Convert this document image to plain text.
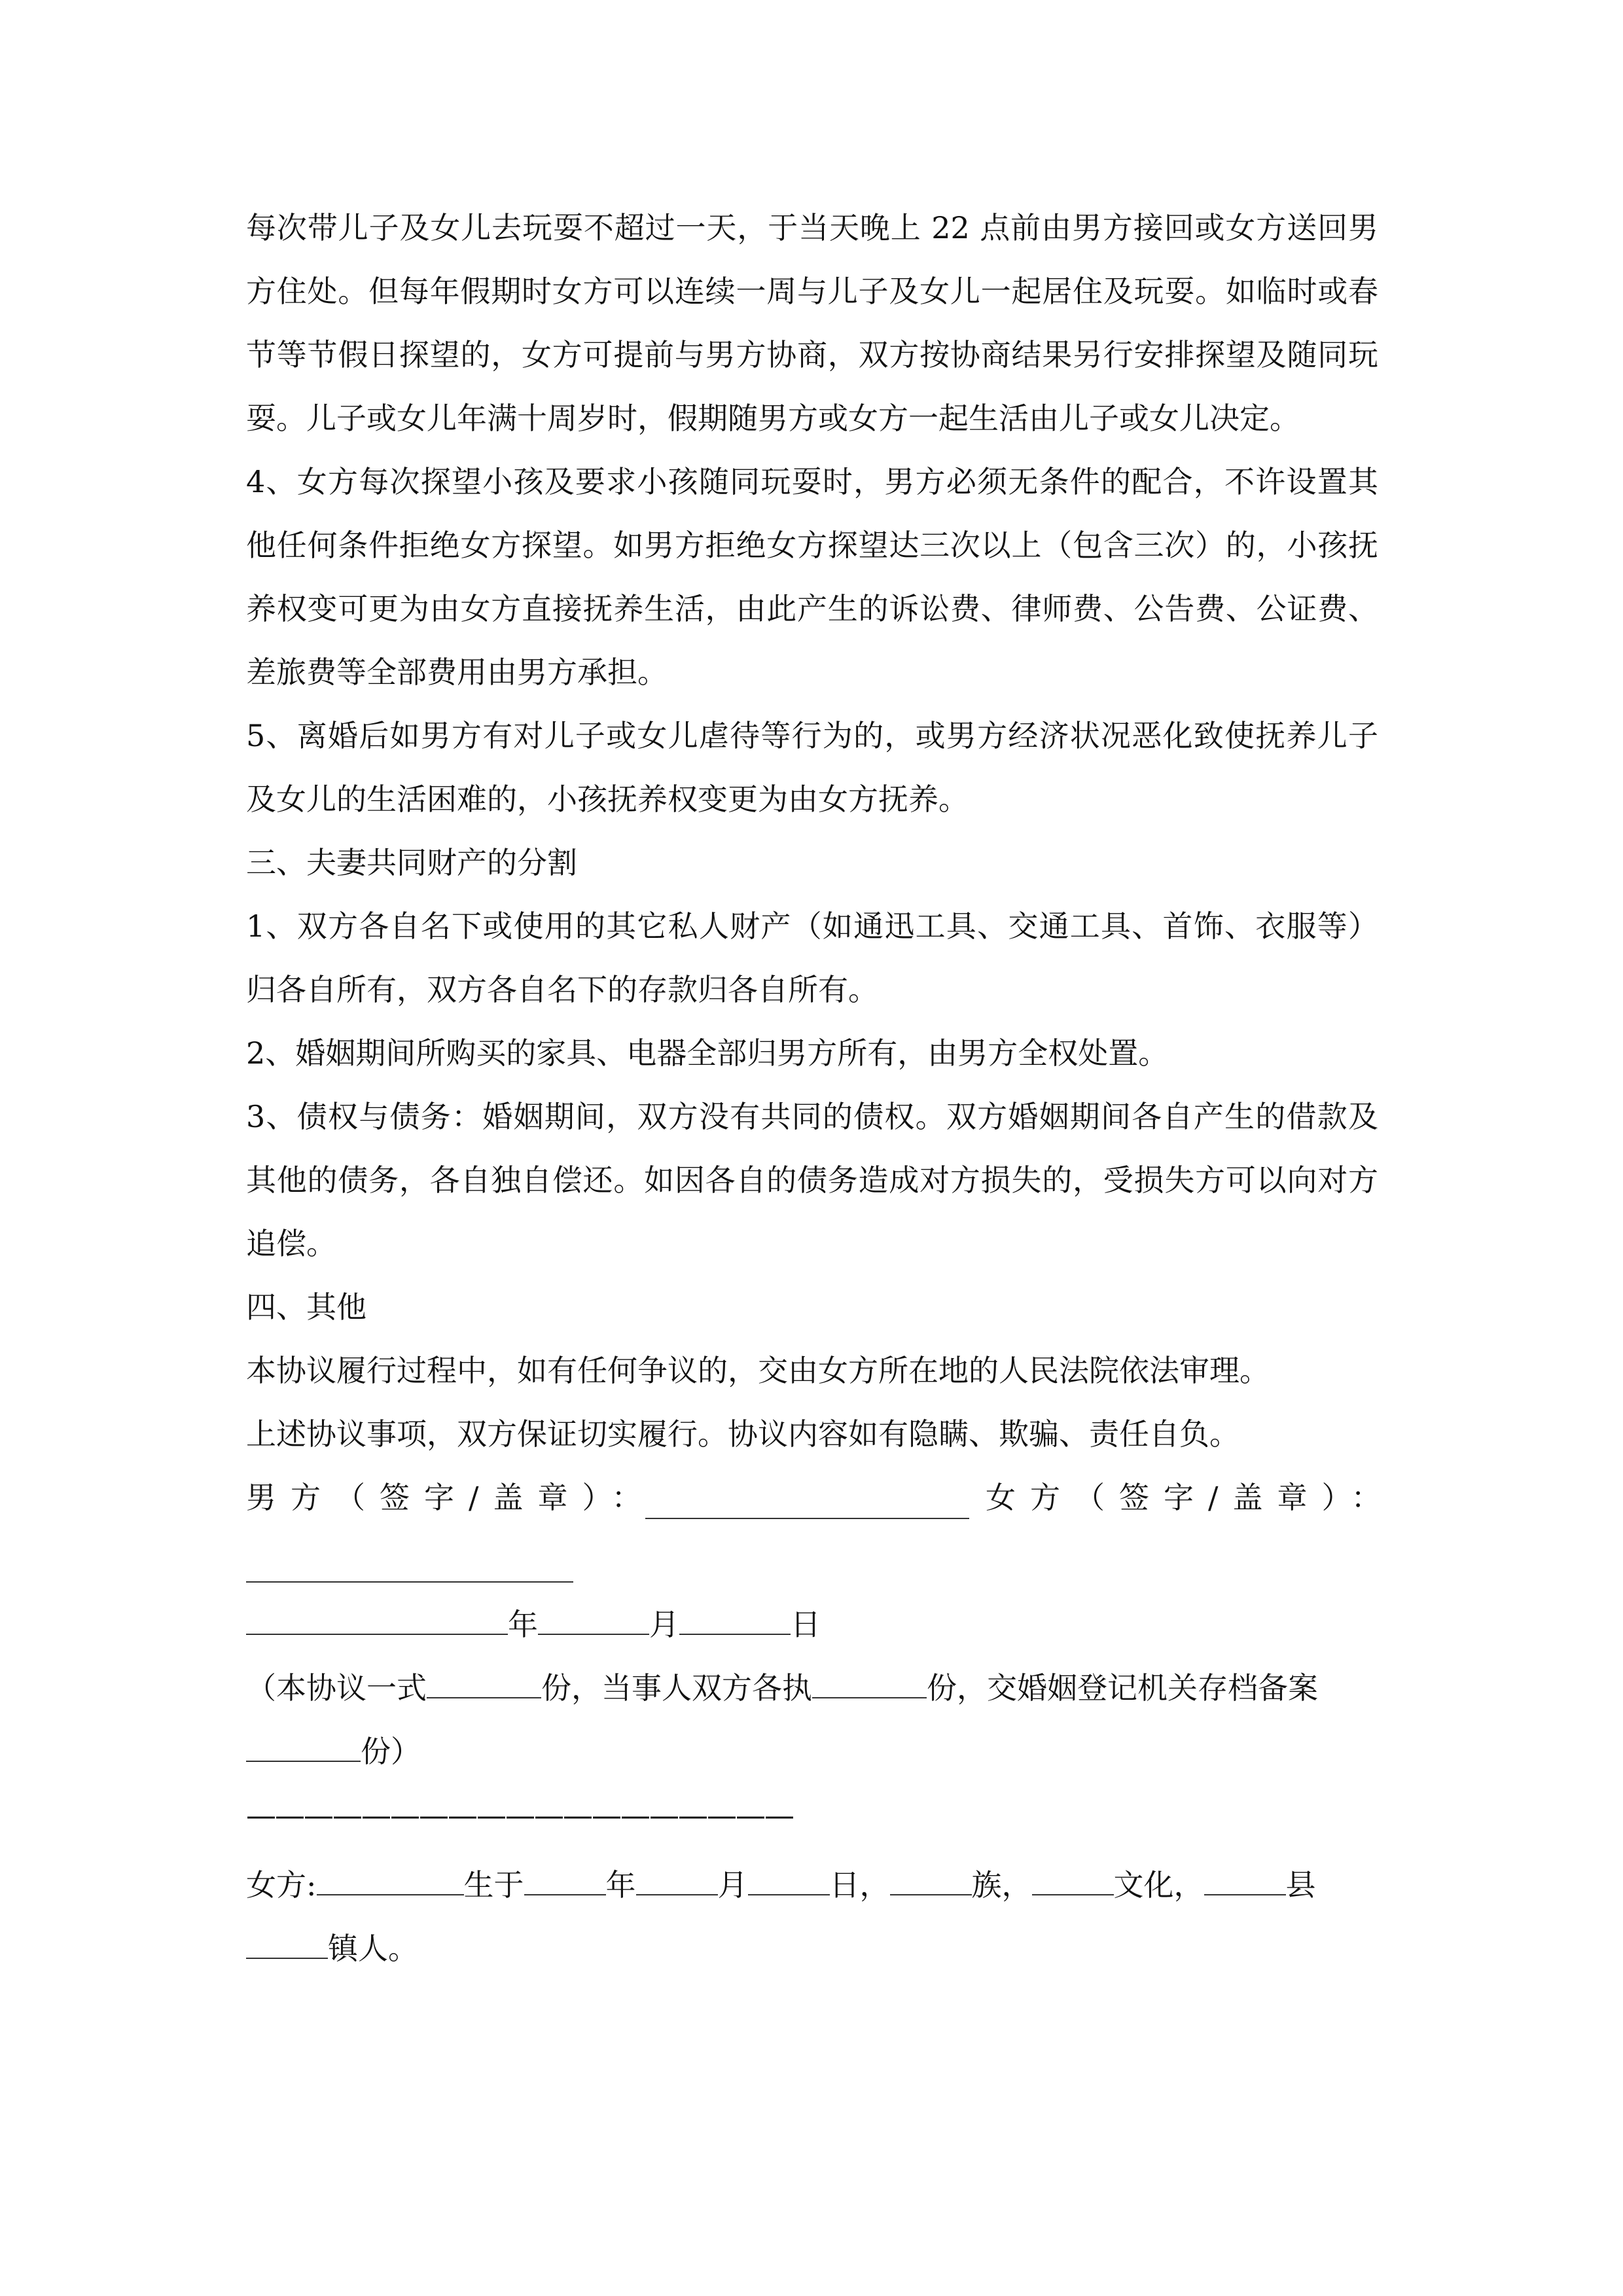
每次带儿子及女儿去玩耍不超过一天，于当天晚上 22 点前由男方接回或女方送回男方住处。但每年假期时女方可以连续一周与儿子及女儿一起居住及玩耍。如临时或春节等节假日探望的，女方可提前与男方协商，双方按协商结果另行安排探望及随同玩耍。儿子或女儿年满十周岁时，假期随男方或女方一起生活由儿子或女儿决定。

4、女方每次探望小孩及要求小孩随同玩耍时，男方必须无条件的配合，不许设置其他任何条件拒绝女方探望。如男方拒绝女方探望达三次以上（包含三次）的，小孩抚养权变可更为由女方直接抚养生活，由此产生的诉讼费、律师费、公告费、公证费、差旅费等全部费用由男方承担。

5、离婚后如男方有对儿子或女儿虐待等行为的，或男方经济状况恶化致使抚养儿子及女儿的生活困难的，小孩抚养权变更为由女方抚养。

三、夫妻共同财产的分割

1、双方各自名下或使用的其它私人财产（如通迅工具、交通工具、首饰、衣服等）归各自所有，双方各自名下的存款归各自所有。

2、婚姻期间所购买的家具、电器全部归男方所有，由男方全权处置。

3、债权与债务：婚姻期间，双方没有共同的债权。双方婚姻期间各自产生的借款及其他的债务，各自独自偿还。如因各自的债务造成对方损失的，受损失方可以向对方追偿。

四、其他

本协议履行过程中，如有任何争议的，交由女方所在地的人民法院依法审理。

上述协议事项，双方保证切实履行。协议内容如有隐瞒、欺骗、责任自负。

男方（签字/盖章）：	女方（签字/盖章）：

年	月	日

（本协议一式	份，当事人双方各执	份，交婚姻登记机关存档备案

份）

———————————————————

女方:	生于	年	月	日，	族，	文化，	县

镇人。
